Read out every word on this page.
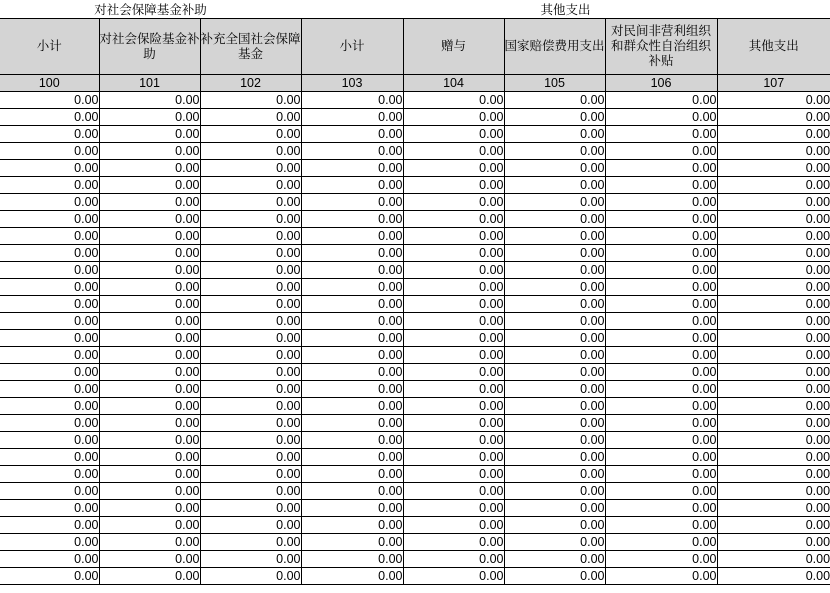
对社会保障基金补助			其他支出				
小计	对社会保险基金补助	补充全国社会保障基金	小计	赠与	国家赔偿费用支出	对民间非营利组织和群众性自治组织补贴	其他支出
100	101	102	103	104	105	106	107
0.00	0.00	0.00	0.00	0.00	0.00	0.00	0.00
0.00	0.00	0.00	0.00	0.00	0.00	0.00	0.00
0.00	0.00	0.00	0.00	0.00	0.00	0.00	0.00
0.00	0.00	0.00	0.00	0.00	0.00	0.00	0.00
0.00	0.00	0.00	0.00	0.00	0.00	0.00	0.00
0.00	0.00	0.00	0.00	0.00	0.00	0.00	0.00
0.00	0.00	0.00	0.00	0.00	0.00	0.00	0.00
0.00	0.00	0.00	0.00	0.00	0.00	0.00	0.00
0.00	0.00	0.00	0.00	0.00	0.00	0.00	0.00
0.00	0.00	0.00	0.00	0.00	0.00	0.00	0.00
0.00	0.00	0.00	0.00	0.00	0.00	0.00	0.00
0.00	0.00	0.00	0.00	0.00	0.00	0.00	0.00
0.00	0.00	0.00	0.00	0.00	0.00	0.00	0.00
0.00	0.00	0.00	0.00	0.00	0.00	0.00	0.00
0.00	0.00	0.00	0.00	0.00	0.00	0.00	0.00
0.00	0.00	0.00	0.00	0.00	0.00	0.00	0.00
0.00	0.00	0.00	0.00	0.00	0.00	0.00	0.00
0.00	0.00	0.00	0.00	0.00	0.00	0.00	0.00
0.00	0.00	0.00	0.00	0.00	0.00	0.00	0.00
0.00	0.00	0.00	0.00	0.00	0.00	0.00	0.00
0.00	0.00	0.00	0.00	0.00	0.00	0.00	0.00
0.00	0.00	0.00	0.00	0.00	0.00	0.00	0.00
0.00	0.00	0.00	0.00	0.00	0.00	0.00	0.00
0.00	0.00	0.00	0.00	0.00	0.00	0.00	0.00
0.00	0.00	0.00	0.00	0.00	0.00	0.00	0.00
0.00	0.00	0.00	0.00	0.00	0.00	0.00	0.00
0.00	0.00	0.00	0.00	0.00	0.00	0.00	0.00
0.00	0.00	0.00	0.00	0.00	0.00	0.00	0.00
0.00	0.00	0.00	0.00	0.00	0.00	0.00	0.00
